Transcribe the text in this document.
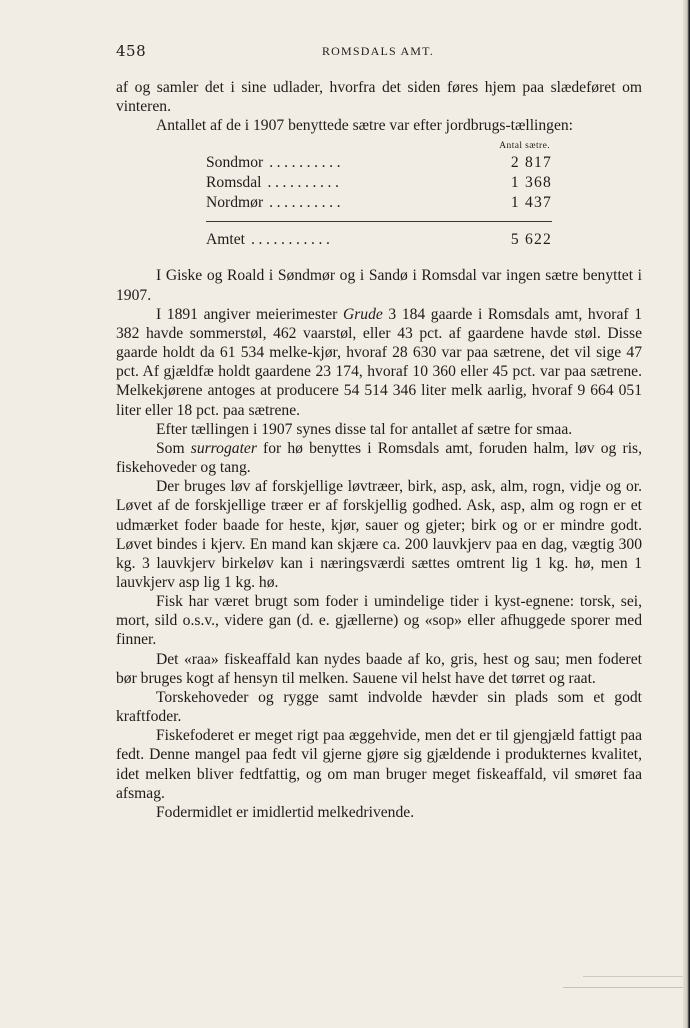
458	ROMSDALS AMT.

af og samler det i sine udlader, hvorfra det siden føres hjem paa slædeføret om vinteren.

Antallet af de i 1907 benyttede sætre var efter jordbrugs-tællingen:

Antal sætre.
Sondmor ..........	2 817
Romsdal ..........	1 368
Nordmør ..........	1 437
Amtet ...........	5 622

I Giske og Roald i Søndmør og i Sandø i Romsdal var ingen sætre benyttet i 1907.

I 1891 angiver meierimester Grude 3 184 gaarde i Romsdals amt, hvoraf 1 382 havde sommerstøl, 462 vaarstøl, eller 43 pct. af gaardene havde støl. Disse gaarde holdt da 61 534 melke-kjør, hvoraf 28 630 var paa sætrene, det vil sige 47 pct. Af gjældfæ holdt gaardene 23 174, hvoraf 10 360 eller 45 pct. var paa sætrene. Melkekjørene antoges at producere 54 514 346 liter melk aarlig, hvoraf 9 664 051 liter eller 18 pct. paa sætrene.

Efter tællingen i 1907 synes disse tal for antallet af sætre for smaa.

Som surrogater for hø benyttes i Romsdals amt, foruden halm, løv og ris, fiskehoveder og tang.

Der bruges løv af forskjellige løvtræer, birk, asp, ask, alm, rogn, vidje og or. Løvet af de forskjellige træer er af forskjellig godhed. Ask, asp, alm og rogn er et udmærket foder baade for heste, kjør, sauer og gjeter; birk og or er mindre godt. Løvet bindes i kjerv. En mand kan skjære ca. 200 lauvkjerv paa en dag, vægtig 300 kg. 3 lauvkjerv birkeløv kan i næringsværdi sættes omtrent lig 1 kg. hø, men 1 lauvkjerv asp lig 1 kg. hø.

Fisk har været brugt som foder i umindelige tider i kyst-egnene: torsk, sei, mort, sild o.s.v., videre gan (d. e. gjællerne) og «sop» eller afhuggede sporer med finner.

Det «raa» fiskeaffald kan nydes baade af ko, gris, hest og sau; men foderet bør bruges kogt af hensyn til melken. Sauene vil helst have det tørret og raat.

Torskehoveder og rygge samt indvolde hævder sin plads som et godt kraftfoder.

Fiskefoderet er meget rigt paa æggehvide, men det er til gjengjæld fattigt paa fedt. Denne mangel paa fedt vil gjerne gjøre sig gjældende i produkternes kvalitet, idet melken bliver fedtfattig, og om man bruger meget fiskeaffald, vil smøret faa afsmag.

Fodermidlet er imidlertid melkedrivende.
